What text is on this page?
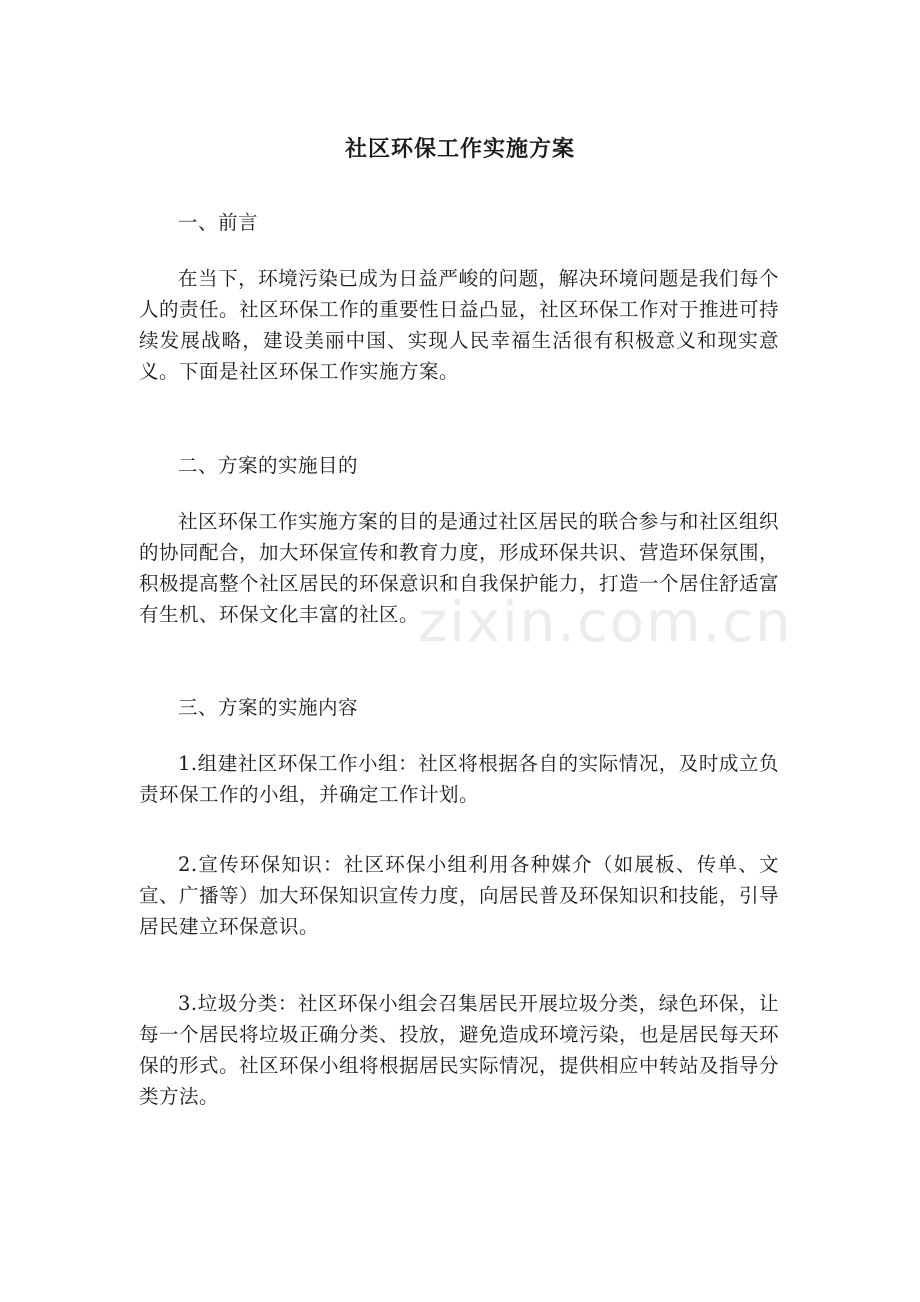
社区环保工作实施方案
一、前言
在当下，环境污染已成为日益严峻的问题，解决环境问题是我们每个人的责任。社区环保工作的重要性日益凸显，社区环保工作对于推进可持续发展战略，建设美丽中国、实现人民幸福生活很有积极意义和现实意义。下面是社区环保工作实施方案。
二、方案的实施目的
社区环保工作实施方案的目的是通过社区居民的联合参与和社区组织的协同配合，加大环保宣传和教育力度，形成环保共识、营造环保氛围，积极提高整个社区居民的环保意识和自我保护能力，打造一个居住舒适富有生机、环保文化丰富的社区。
三、方案的实施内容
1.组建社区环保工作小组：社区将根据各自的实际情况，及时成立负责环保工作的小组，并确定工作计划。
2.宣传环保知识：社区环保小组利用各种媒介（如展板、传单、文宣、广播等）加大环保知识宣传力度，向居民普及环保知识和技能，引导居民建立环保意识。
3.垃圾分类：社区环保小组会召集居民开展垃圾分类，绿色环保，让每一个居民将垃圾正确分类、投放，避免造成环境污染，也是居民每天环保的形式。社区环保小组将根据居民实际情况，提供相应中转站及指导分类方法。
zixin.com.cn
